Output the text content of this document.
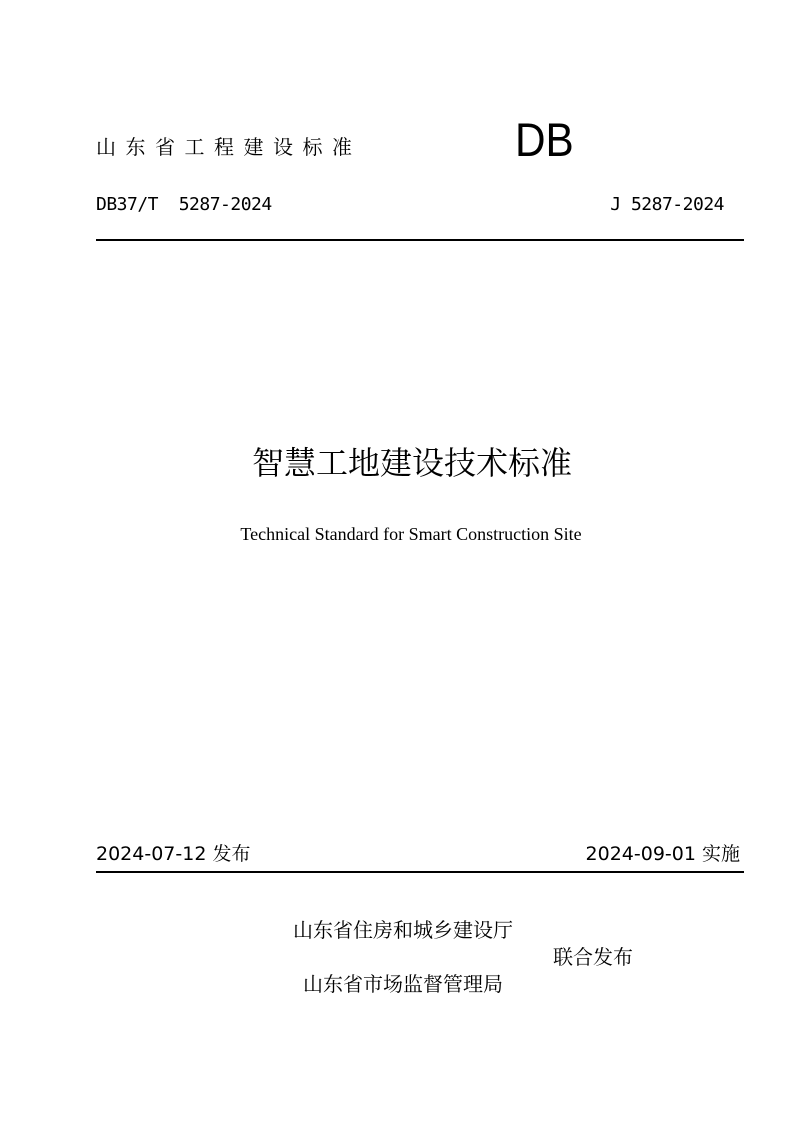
山东省工程建设标准	DB
DB37/T  5287-2024	J 5287-2024
智慧工地建设技术标准
Technical Standard for Smart Construction Site
2024-07-12 发布	2024-09-01 实施
山东省住房和城乡建设厅
联合发布
山东省市场监督管理局
